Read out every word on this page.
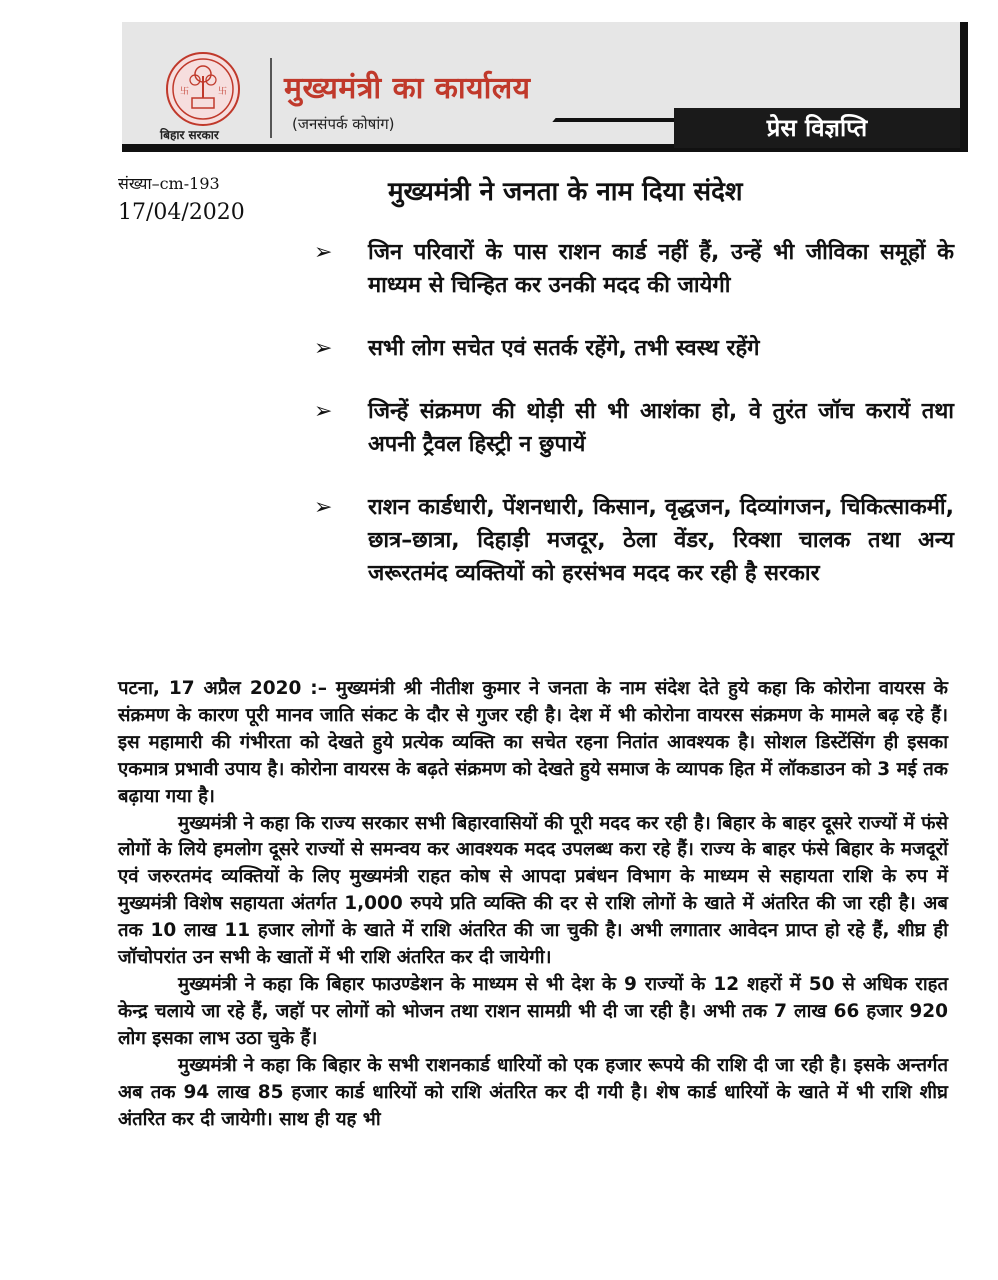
卐	卐
बिहार सरकार
मुख्यमंत्री का कार्यालय
(जनसंपर्क कोषांग)	प्रेस विज्ञप्ति
संख्या–cm-193
17/04/2020
मुख्यमंत्री ने जनता के नाम दिया संदेश
➢ जिन परिवारों के पास राशन कार्ड नहीं हैं, उन्हें भी जीविका समूहों के माध्यम से चिन्हित कर उनकी मदद की जायेगी
➢ सभी लोग सचेत एवं सतर्क रहेंगे, तभी स्वस्थ रहेंगे
➢ जिन्हें संक्रमण की थोड़ी सी भी आशंका हो, वे तुरंत जॉच करायें तथा अपनी ट्रैवल हिस्ट्री न छुपायें
➢ राशन कार्डधारी, पेंशनधारी, किसान, वृद्धजन, दिव्यांगजन, चिकित्साकर्मी, छात्र–छात्रा, दिहाड़ी मजदूर, ठेला वेंडर, रिक्शा चालक तथा अन्य जरूरतमंद व्यक्तियों को हरसंभव मदद कर रही है सरकार

पटना, 17 अप्रैल 2020 :– मुख्यमंत्री श्री नीतीश कुमार ने जनता के नाम संदेश देते हुये कहा कि कोरोना वायरस के संक्रमण के कारण पूरी मानव जाति संकट के दौर से गुजर रही है। देश में भी कोरोना वायरस संक्रमण के मामले बढ़ रहे हैं। इस महामारी की गंभीरता को देखते हुये प्रत्येक व्यक्ति का सचेत रहना नितांत आवश्यक है। सोशल डिस्टेंसिंग ही इसका एकमात्र प्रभावी उपाय है। कोरोना वायरस के बढ़ते संक्रमण को देखते हुये समाज के व्यापक हित में लॉकडाउन को 3 मई तक बढ़ाया गया है।

मुख्यमंत्री ने कहा कि राज्य सरकार सभी बिहारवासियों की पूरी मदद कर रही है। बिहार के बाहर दूसरे राज्यों में फंसे लोगों के लिये हमलोग दूसरे राज्यों से समन्वय कर आवश्यक मदद उपलब्ध करा रहे हैं। राज्य के बाहर फंसे बिहार के मजदूरों एवं जरुरतमंद व्यक्तियों के लिए मुख्यमंत्री राहत कोष से आपदा प्रबंधन विभाग के माध्यम से सहायता राशि के रुप में मुख्यमंत्री विशेष सहायता अंतर्गत 1,000 रुपये प्रति व्यक्ति की दर से राशि लोगों के खाते में अंतरित की जा रही है। अब तक 10 लाख 11 हजार लोगों के खाते में राशि अंतरित की जा चुकी है। अभी लगातार आवेदन प्राप्त हो रहे हैं, शीघ्र ही जॉचोपरांत उन सभी के खातों में भी राशि अंतरित कर दी जायेगी।

मुख्यमंत्री ने कहा कि बिहार फाउण्डेशन के माध्यम से भी देश के 9 राज्यों के 12 शहरों में 50 से अधिक राहत केन्द्र चलाये जा रहे हैं, जहॉ पर लोगों को भोजन तथा राशन सामग्री भी दी जा रही है। अभी तक 7 लाख 66 हजार 920 लोग इसका लाभ उठा चुके हैं।

मुख्यमंत्री ने कहा कि बिहार के सभी राशनकार्ड धारियों को एक हजार रूपये की राशि दी जा रही है। इसके अन्तर्गत अब तक 94 लाख 85 हजार कार्ड धारियों को राशि अंतरित कर दी गयी है। शेष कार्ड धारियों के खाते में भी राशि शीघ्र अंतरित कर दी जायेगी। साथ ही यह भी
